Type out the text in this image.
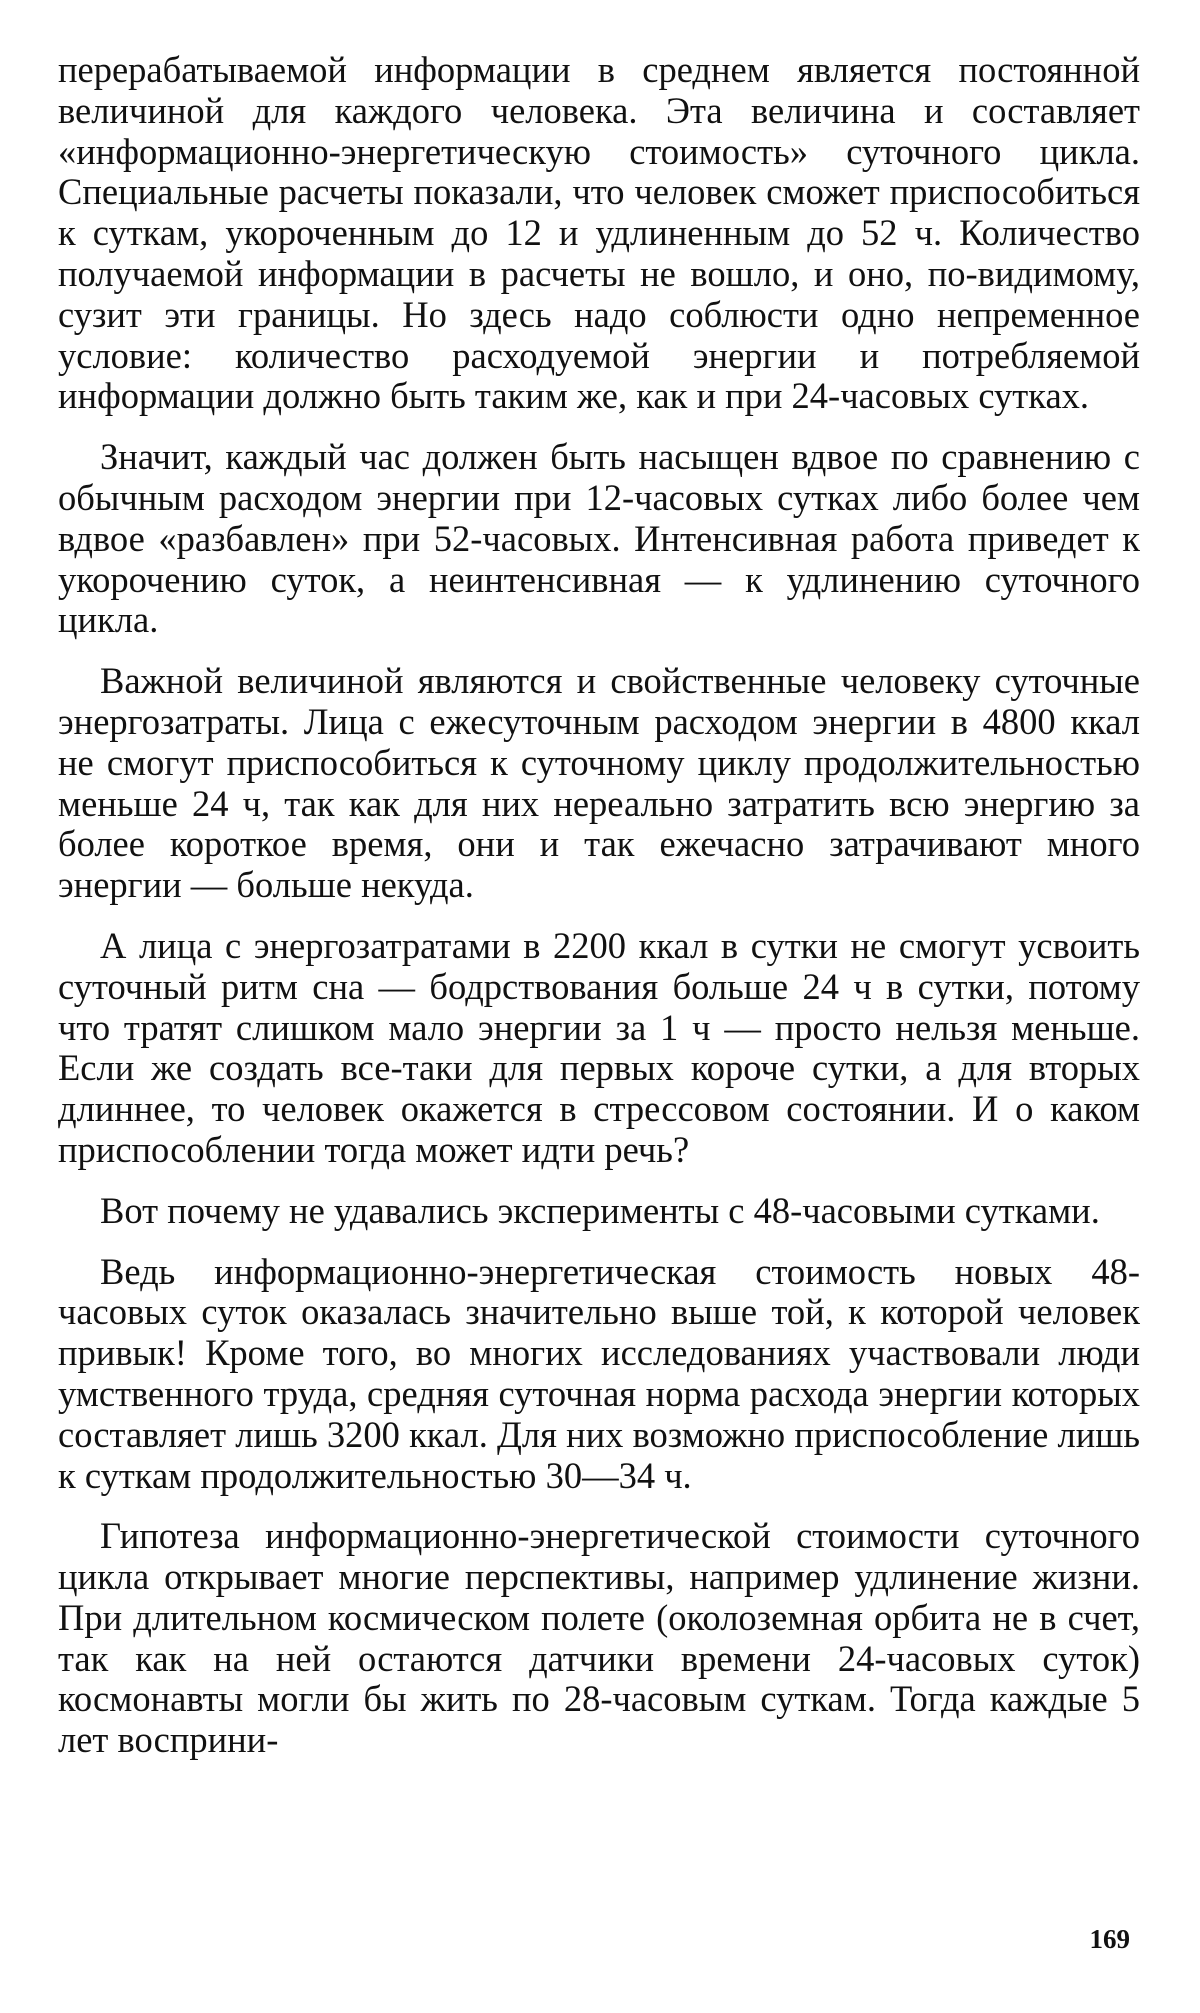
перерабатываемой информации в среднем является постоянной величиной для каждого человека. Эта величина и составляет «информационно-энергетическую стоимость» суточного цикла. Специальные расчеты показали, что человек сможет приспособиться к суткам, укороченным до 12 и удлиненным до 52 ч. Количество получаемой информации в расчеты не вошло, и оно, по-видимому, сузит эти границы. Но здесь надо соблюсти одно непременное условие: количество расходуемой энергии и потребляемой информации должно быть таким же, как и при 24-часовых сутках.

Значит, каждый час должен быть насыщен вдвое по сравнению с обычным расходом энергии при 12-часовых сутках либо более чем вдвое «разбавлен» при 52-часовых. Интенсивная работа приведет к укорочению суток, а неинтенсивная — к удлинению суточного цикла.

Важной величиной являются и свойственные человеку суточные энергозатраты. Лица с ежесуточным расходом энергии в 4800 ккал не смогут приспособиться к суточному циклу продолжительностью меньше 24 ч, так как для них нереально затратить всю энергию за более короткое время, они и так ежечасно затрачивают много энергии — больше некуда.

А лица с энергозатратами в 2200 ккал в сутки не смогут усвоить суточный ритм сна — бодрствования больше 24 ч в сутки, потому что тратят слишком мало энергии за 1 ч — просто нельзя меньше. Если же создать все-таки для первых короче сутки, а для вторых длиннее, то человек окажется в стрессовом состоянии. И о каком приспособлении тогда может идти речь?

Вот почему не удавались эксперименты с 48-часовыми сутками.

Ведь информационно-энергетическая стоимость новых 48-часовых суток оказалась значительно выше той, к которой человек привык! Кроме того, во многих исследованиях участвовали люди умственного труда, средняя суточная норма расхода энергии которых составляет лишь 3200 ккал. Для них возможно приспособление лишь к суткам продолжительностью 30—34 ч.

Гипотеза информационно-энергетической стоимости суточного цикла открывает многие перспективы, например удлинение жизни. При длительном космическом полете (околоземная орбита не в счет, так как на ней остаются датчики времени 24-часовых суток) космонавты могли бы жить по 28-часовым суткам. Тогда каждые 5 лет восприни-

169
